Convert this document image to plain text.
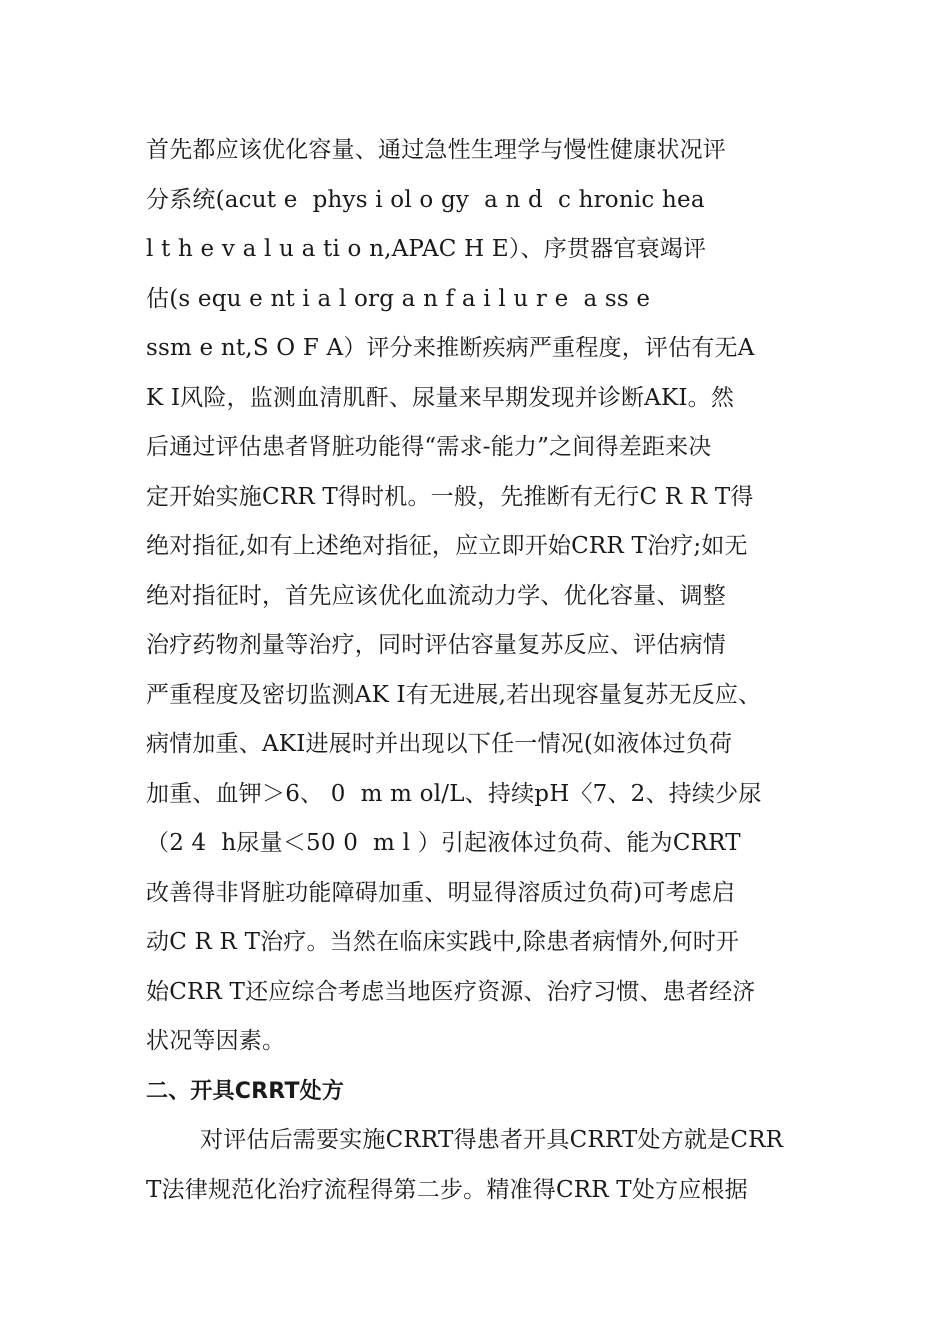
首先都应该优化容量、通过急性生理学与慢性健康状况评
分系统(acut e  phys i ol o gy  a n d  c hronic hea
l t h e v a l u a ti o n,APAC H E）、序贯器官衰竭评
估(s equ e nt i a l org a n f a i l u r e  a ss e
ssm e nt,S O F A）评分来推断疾病严重程度，评估有无A
K I风险，监测血清肌酐、尿量来早期发现并诊断AKI。然
后通过评估患者肾脏功能得“需求-能力”之间得差距来决
定开始实施CRR T得时机。一般，先推断有无行C R R T得
绝对指征,如有上述绝对指征，应立即开始CRR T治疗;如无
绝对指征时，首先应该优化血流动力学、优化容量、调整
治疗药物剂量等治疗，同时评估容量复苏反应、评估病情
严重程度及密切监测AK I有无进展,若出现容量复苏无反应、
病情加重、AKI进展时并出现以下任一情况(如液体过负荷
加重、血钾＞6、 0  m m ol/L、持续pH〈7、2、持续少尿
（2 4  h尿量＜50 0  m l ）引起液体过负荷、能为CRRT
改善得非肾脏功能障碍加重、明显得溶质过负荷)可考虑启
动C R R T治疗。当然在临床实践中,除患者病情外,何时开
始CRR T还应综合考虑当地医疗资源、治疗习惯、患者经济
状况等因素。
二、开具CRRT处方
对评估后需要实施CRRT得患者开具CRRT处方就是CRR
T法律规范化治疗流程得第二步。精准得CRR T处方应根据
